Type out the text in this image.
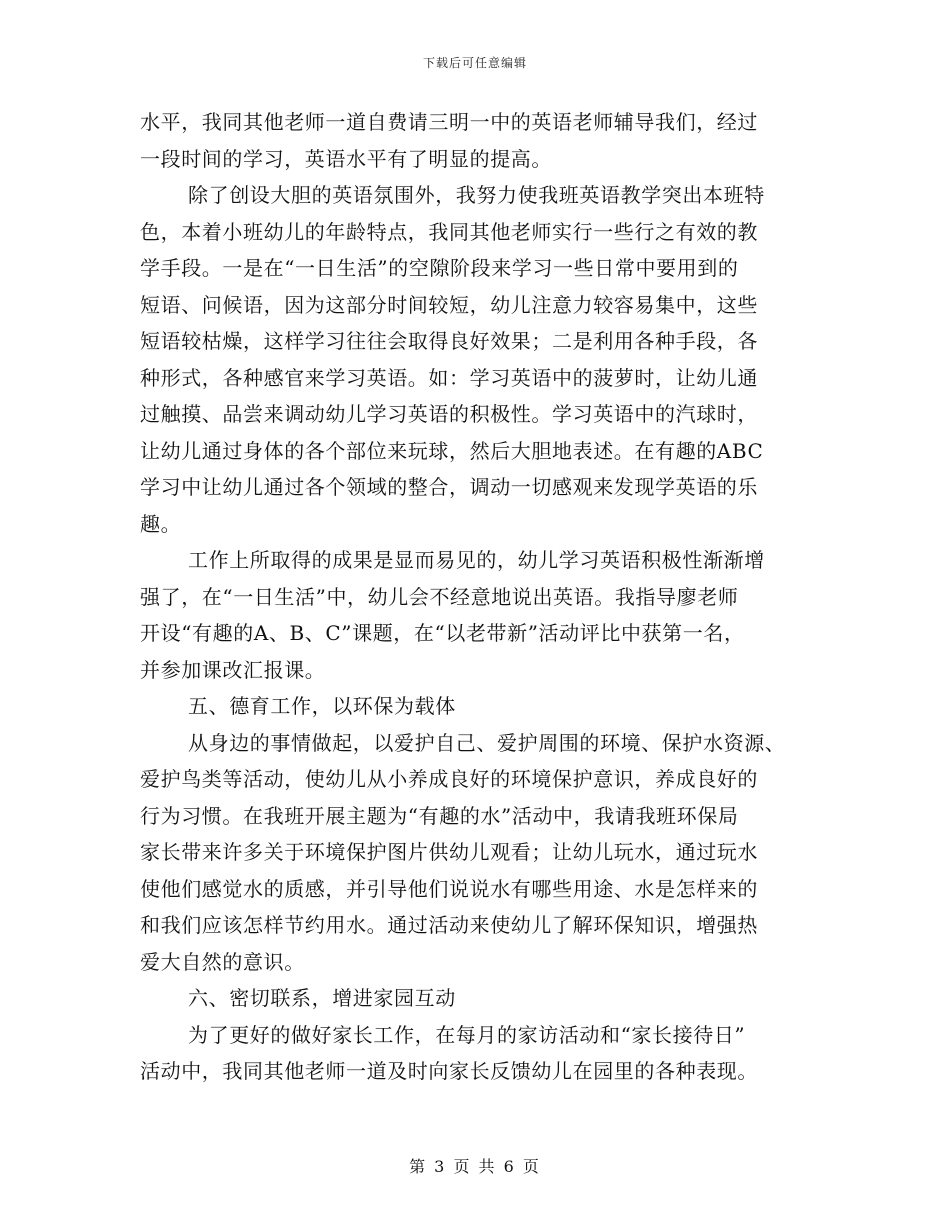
下载后可任意编辑
水平，我同其他老师一道自费请三明一中的英语老师辅导我们，经过
一段时间的学习，英语水平有了明显的提高。
除了创设大胆的英语氛围外，我努力使我班英语教学突出本班特
色，本着小班幼儿的年龄特点，我同其他老师实行一些行之有效的教
学手段。一是在“一日生活”的空隙阶段来学习一些日常中要用到的
短语、问候语，因为这部分时间较短，幼儿注意力较容易集中，这些
短语较枯燥，这样学习往往会取得良好效果；二是利用各种手段，各
种形式，各种感官来学习英语。如：学习英语中的菠萝时，让幼儿通
过触摸、品尝来调动幼儿学习英语的积极性。学习英语中的汽球时，
让幼儿通过身体的各个部位来玩球，然后大胆地表述。在有趣的ABC
学习中让幼儿通过各个领域的整合，调动一切感观来发现学英语的乐
趣。
工作上所取得的成果是显而易见的，幼儿学习英语积极性渐渐增
强了，在“一日生活”中，幼儿会不经意地说出英语。我指导廖老师
开设“有趣的A、B、C”课题，在“以老带新”活动评比中获第一名，
并参加课改汇报课。
五、德育工作，以环保为载体
从身边的事情做起，以爱护自己、爱护周围的环境、保护水资源、
爱护鸟类等活动，使幼儿从小养成良好的环境保护意识，养成良好的
行为习惯。在我班开展主题为“有趣的水”活动中，我请我班环保局
家长带来许多关于环境保护图片供幼儿观看；让幼儿玩水，通过玩水
使他们感觉水的质感，并引导他们说说水有哪些用途、水是怎样来的
和我们应该怎样节约用水。通过活动来使幼儿了解环保知识，增强热
爱大自然的意识。
六、密切联系，增进家园互动
为了更好的做好家长工作，在每月的家访活动和“家长接待日”
活动中，我同其他老师一道及时向家长反馈幼儿在园里的各种表现。
第 3 页 共 6 页
